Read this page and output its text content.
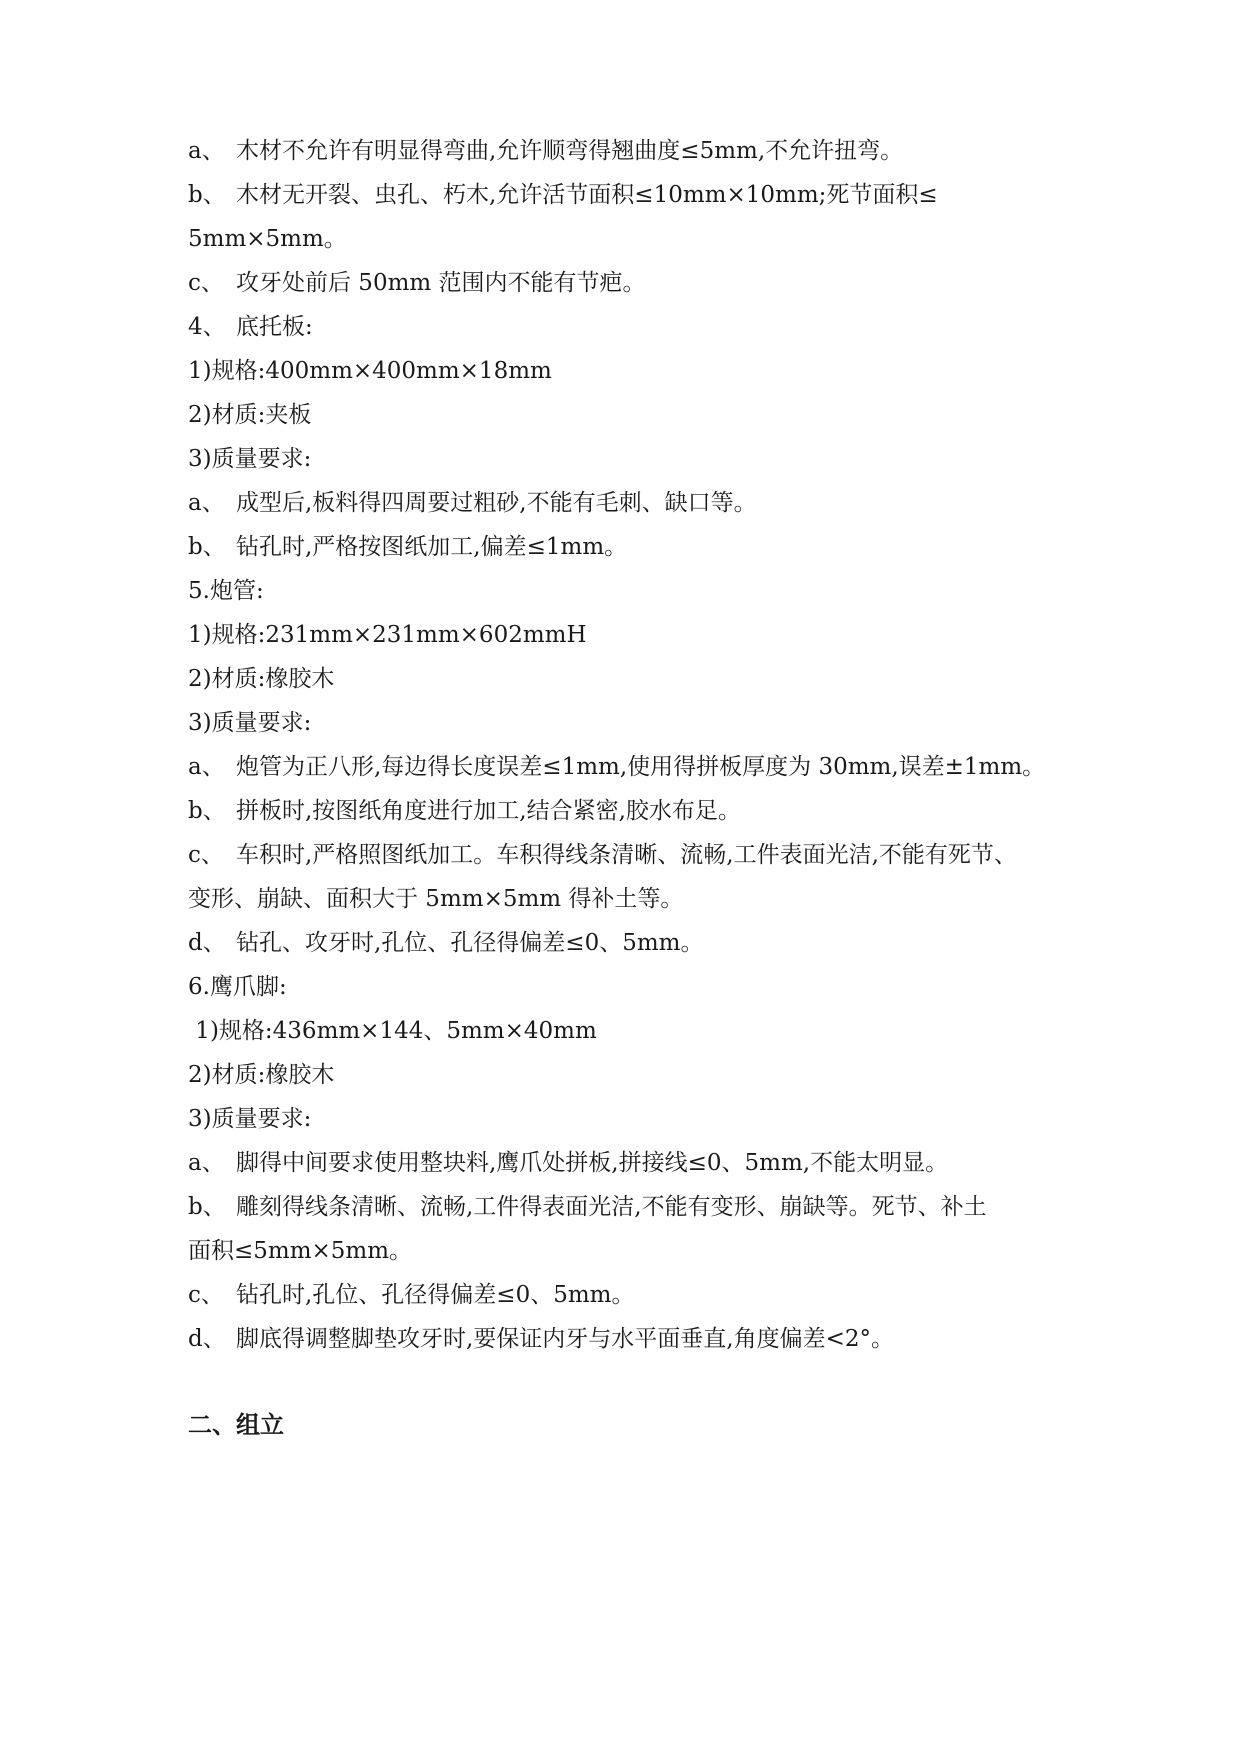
a、 木材不允许有明显得弯曲,允许顺弯得翘曲度≤5mm,不允许扭弯。
b、 木材无开裂、虫孔、朽木,允许活节面积≤10mm×10mm;死节面积≤
5mm×5mm。
c、 攻牙处前后 50mm 范围内不能有节疤。
4、 底托板:
1)规格:400mm×400mm×18mm
2)材质:夹板
3)质量要求:
a、 成型后,板料得四周要过粗砂,不能有毛刺、缺口等。
b、 钻孔时,严格按图纸加工,偏差≤1mm。
5.炮管:
1)规格:231mm×231mm×602mmH
2)材质:橡胶木
3)质量要求:
a、 炮管为正八形,每边得长度误差≤1mm,使用得拼板厚度为 30mm,误差±1mm。
b、 拼板时,按图纸角度进行加工,结合紧密,胶水布足。
c、 车积时,严格照图纸加工。车积得线条清晰、流畅,工件表面光洁,不能有死节、
变形、崩缺、面积大于 5mm×5mm 得补土等。
d、 钻孔、攻牙时,孔位、孔径得偏差≤0、5mm。
6.鹰爪脚:
1)规格:436mm×144、5mm×40mm
2)材质:橡胶木
3)质量要求:
a、 脚得中间要求使用整块料,鹰爪处拼板,拼接线≤0、5mm,不能太明显。
b、 雕刻得线条清晰、流畅,工件得表面光洁,不能有变形、崩缺等。死节、补土
面积≤5mm×5mm。
c、 钻孔时,孔位、孔径得偏差≤0、5mm。
d、 脚底得调整脚垫攻牙时,要保证内牙与水平面垂直,角度偏差<2°。
二、组立
